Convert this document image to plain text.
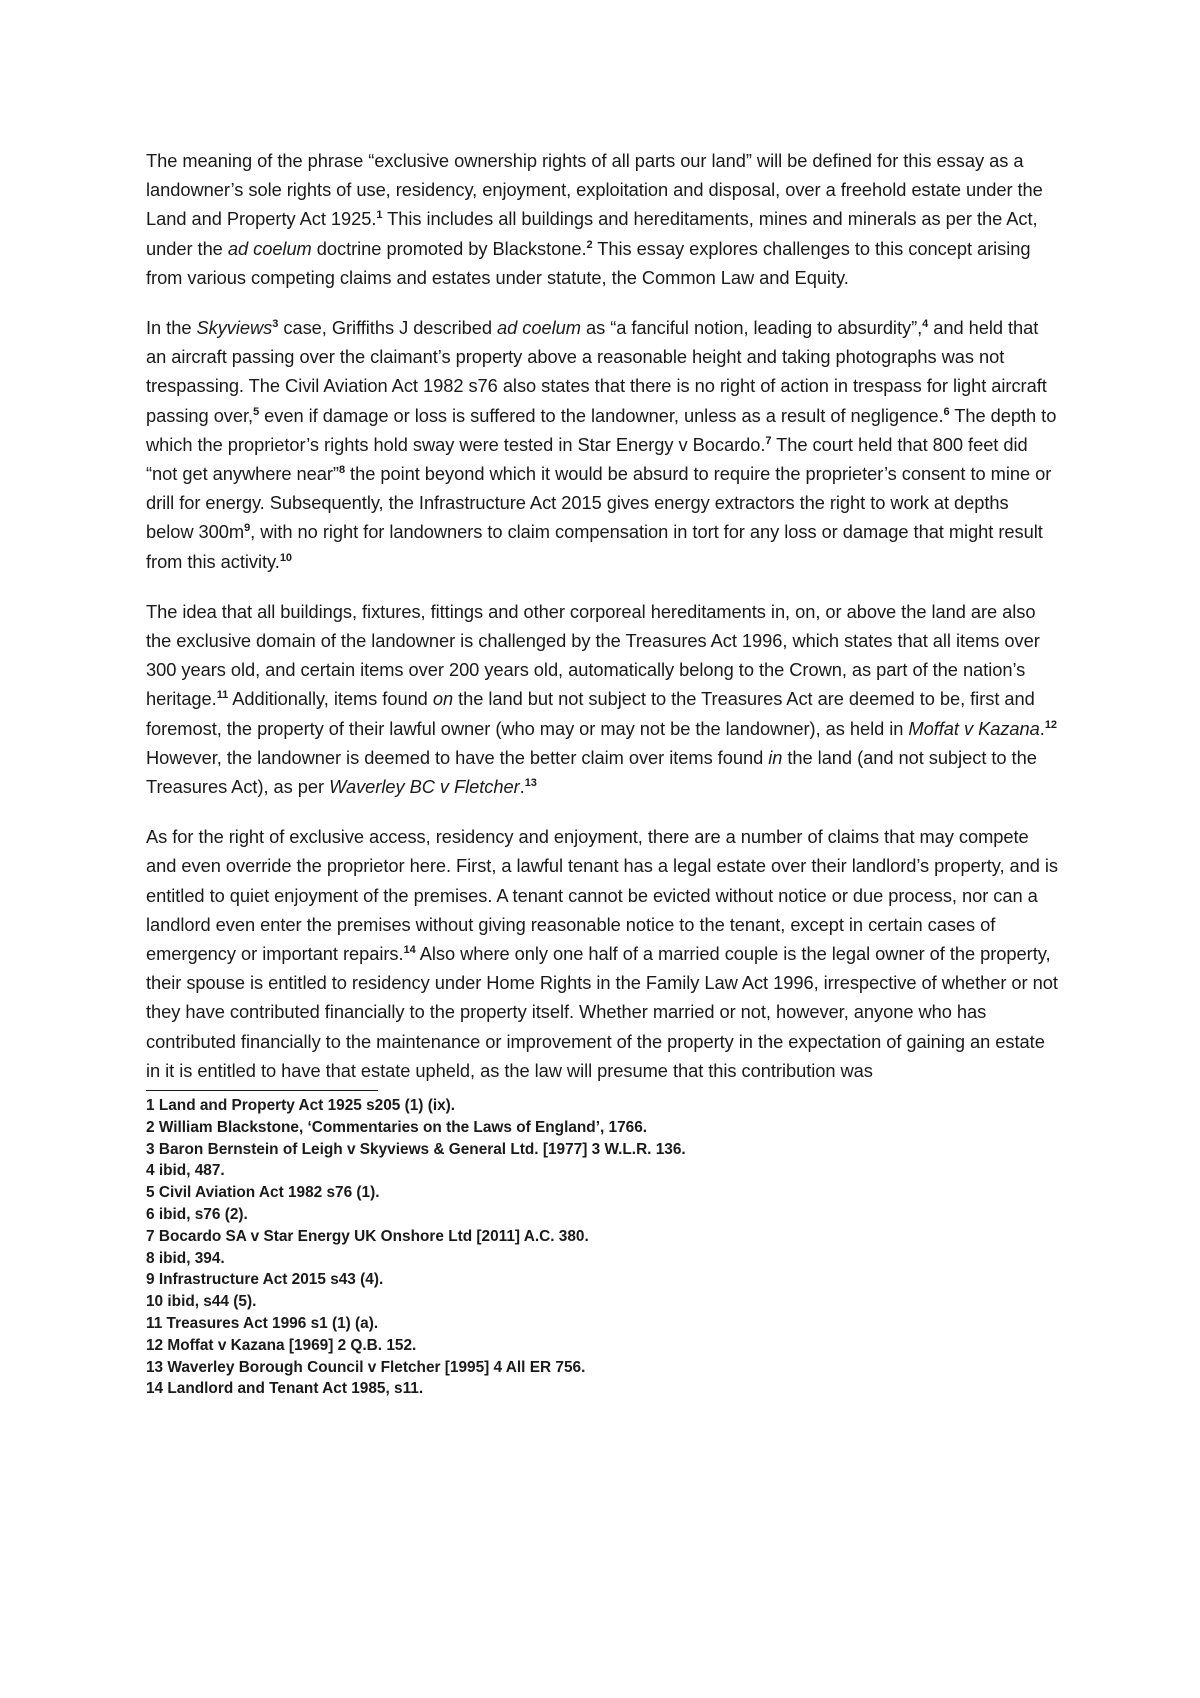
The meaning of the phrase “exclusive ownership rights of all parts our land” will be defined for this essay as a landowner’s sole rights of use, residency, enjoyment, exploitation and disposal, over a freehold estate under the Land and Property Act 1925.$^1$ This includes all buildings and hereditaments, mines and minerals as per the Act, under the ad coelum doctrine promoted by Blackstone.$^2$ This essay explores challenges to this concept arising from various competing claims and estates under statute, the Common Law and Equity.

In the Skyviews$^3$ case, Griffiths J described ad coelum as “a fanciful notion, leading to absurdity”,$^4$ and held that an aircraft passing over the claimant’s property above a reasonable height and taking photographs was not trespassing. The Civil Aviation Act 1982 s76 also states that there is no right of action in trespass for light aircraft passing over,$^5$ even if damage or loss is suffered to the landowner, unless as a result of negligence.$^6$ The depth to which the proprietor’s rights hold sway were tested in Star Energy v Bocardo.$^7$ The court held that 800 feet did “not get anywhere near”$^8$ the point beyond which it would be absurd to require the proprieter’s consent to mine or drill for energy. Subsequently, the Infrastructure Act 2015 gives energy extractors the right to work at depths below 300m$^9$, with no right for landowners to claim compensation in tort for any loss or damage that might result from this activity.$^{10}$

The idea that all buildings, fixtures, fittings and other corporeal hereditaments in, on, or above the land are also the exclusive domain of the landowner is challenged by the Treasures Act 1996, which states that all items over 300 years old, and certain items over 200 years old, automatically belong to the Crown, as part of the nation’s heritage.$^{11}$ Additionally, items found on the land but not subject to the Treasures Act are deemed to be, first and foremost, the property of their lawful owner (who may or may not be the landowner), as held in Moffat v Kazana.$^{12}$ However, the landowner is deemed to have the better claim over items found in the land (and not subject to the Treasures Act), as per Waverley BC v Fletcher.$^{13}$

As for the right of exclusive access, residency and enjoyment, there are a number of claims that may compete and even override the proprietor here. First, a lawful tenant has a legal estate over their landlord’s property, and is entitled to quiet enjoyment of the premises. A tenant cannot be evicted without notice or due process, nor can a landlord even enter the premises without giving reasonable notice to the tenant, except in certain cases of emergency or important repairs.$^{14}$ Also where only one half of a married couple is the legal owner of the property, their spouse is entitled to residency under Home Rights in the Family Law Act 1996, irrespective of whether or not they have contributed financially to the property itself. Whether married or not, however, anyone who has contributed financially to the maintenance or improvement of the property in the expectation of gaining an estate in it is entitled to have that estate upheld, as the law will presume that this contribution was

1 Land and Property Act 1925 s205 (1) (ix).
2 William Blackstone, ‘Commentaries on the Laws of England’, 1766.
3 Baron Bernstein of Leigh v Skyviews & General Ltd. [1977] 3 W.L.R. 136.
4 ibid, 487.
5 Civil Aviation Act 1982 s76 (1).
6 ibid, s76 (2).
7 Bocardo SA v Star Energy UK Onshore Ltd [2011] A.C. 380.
8 ibid, 394.
9 Infrastructure Act 2015 s43 (4).
10 ibid, s44 (5).
11 Treasures Act 1996 s1 (1) (a).
12 Moffat v Kazana [1969] 2 Q.B. 152.
13 Waverley Borough Council v Fletcher [1995] 4 All ER 756.
14 Landlord and Tenant Act 1985, s11.
